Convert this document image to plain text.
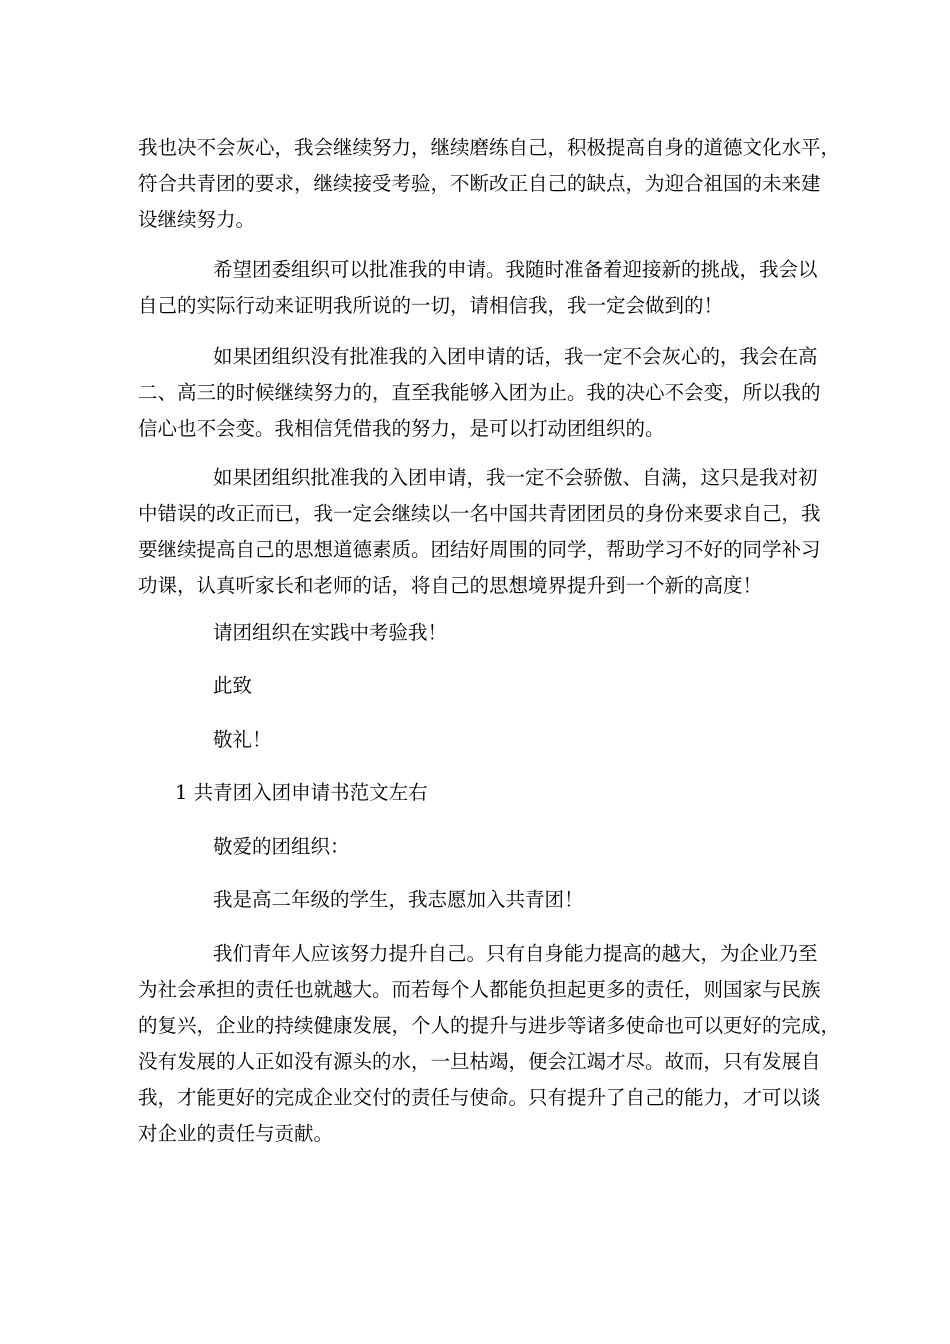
我也决不会灰心，我会继续努力，继续磨练自己，积极提高自身的道德文化水平，
符合共青团的要求，继续接受考验，不断改正自己的缺点，为迎合祖国的未来建
设继续努力。
希望团委组织可以批准我的申请。我随时准备着迎接新的挑战，我会以
自己的实际行动来证明我所说的一切，请相信我，我一定会做到的！
如果团组织没有批准我的入团申请的话，我一定不会灰心的，我会在高
二、高三的时候继续努力的，直至我能够入团为止。我的决心不会变，所以我的
信心也不会变。我相信凭借我的努力，是可以打动团组织的。
如果团组织批准我的入团申请，我一定不会骄傲、自满，这只是我对初
中错误的改正而已，我一定会继续以一名中国共青团团员的身份来要求自己，我
要继续提高自己的思想道德素质。团结好周围的同学，帮助学习不好的同学补习
功课，认真听家长和老师的话，将自己的思想境界提升到一个新的高度！
请团组织在实践中考验我！
此致
敬礼！
1 共青团入团申请书范文左右
敬爱的团组织：
我是高二年级的学生，我志愿加入共青团！
我们青年人应该努力提升自己。只有自身能力提高的越大，为企业乃至
为社会承担的责任也就越大。而若每个人都能负担起更多的责任，则国家与民族
的复兴，企业的持续健康发展，个人的提升与进步等诸多使命也可以更好的完成，
没有发展的人正如没有源头的水，一旦枯竭，便会江竭才尽。故而，只有发展自
我，才能更好的完成企业交付的责任与使命。只有提升了自己的能力，才可以谈
对企业的责任与贡献。
